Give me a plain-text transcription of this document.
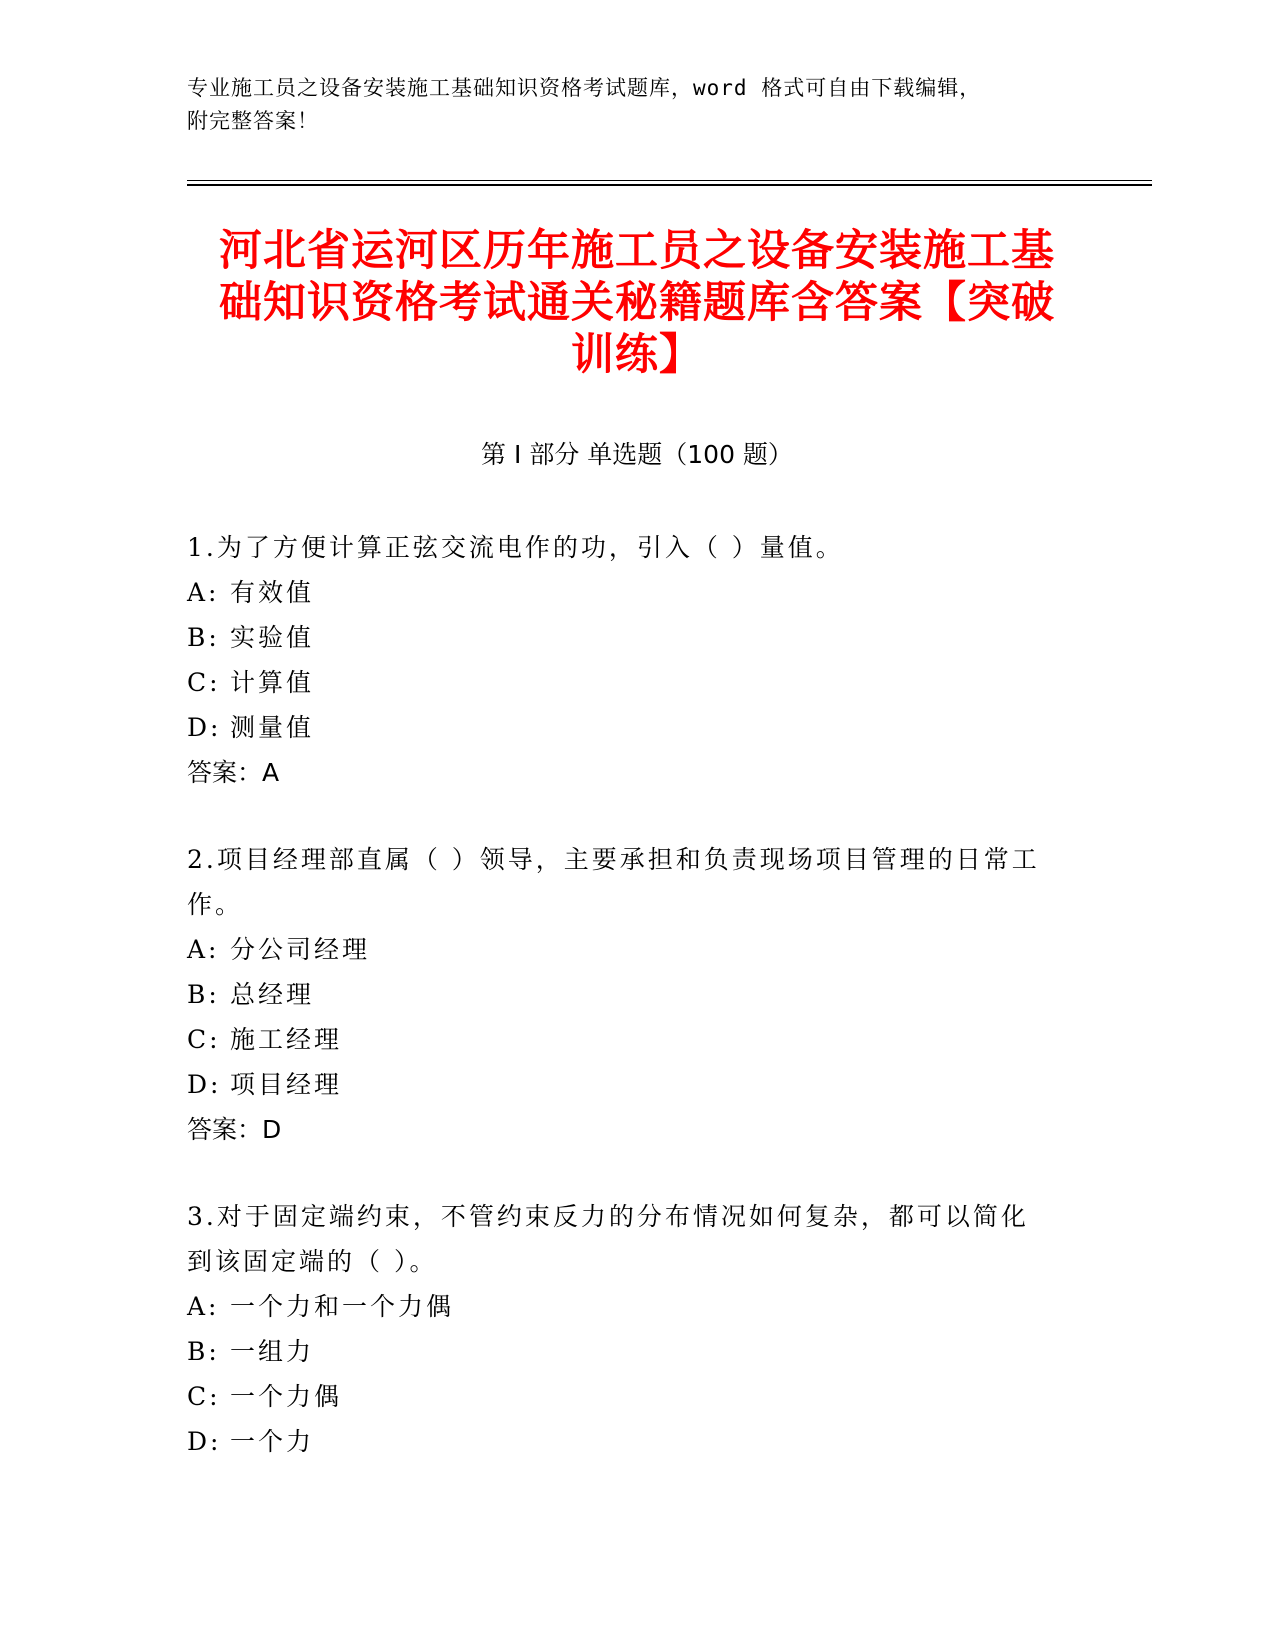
专业施工员之设备安装施工基础知识资格考试题库，word 格式可自由下载编辑，
附完整答案！
河北省运河区历年施工员之设备安装施工基
础知识资格考试通关秘籍题库含答案【突破
训练】
第 I 部分 单选题（100 题）

1.为了方便计算正弦交流电作的功，引入（ ）量值。

A: 有效值

B: 实验值

C: 计算值

D: 测量值

答案：A

2.项目经理部直属（ ）领导，主要承担和负责现场项目管理的日常工

作。

A: 分公司经理

B: 总经理

C: 施工经理

D: 项目经理

答案：D

3.对于固定端约束，不管约束反力的分布情况如何复杂，都可以简化

到该固定端的（ ）。

A: 一个力和一个力偶

B: 一组力

C: 一个力偶

D: 一个力
